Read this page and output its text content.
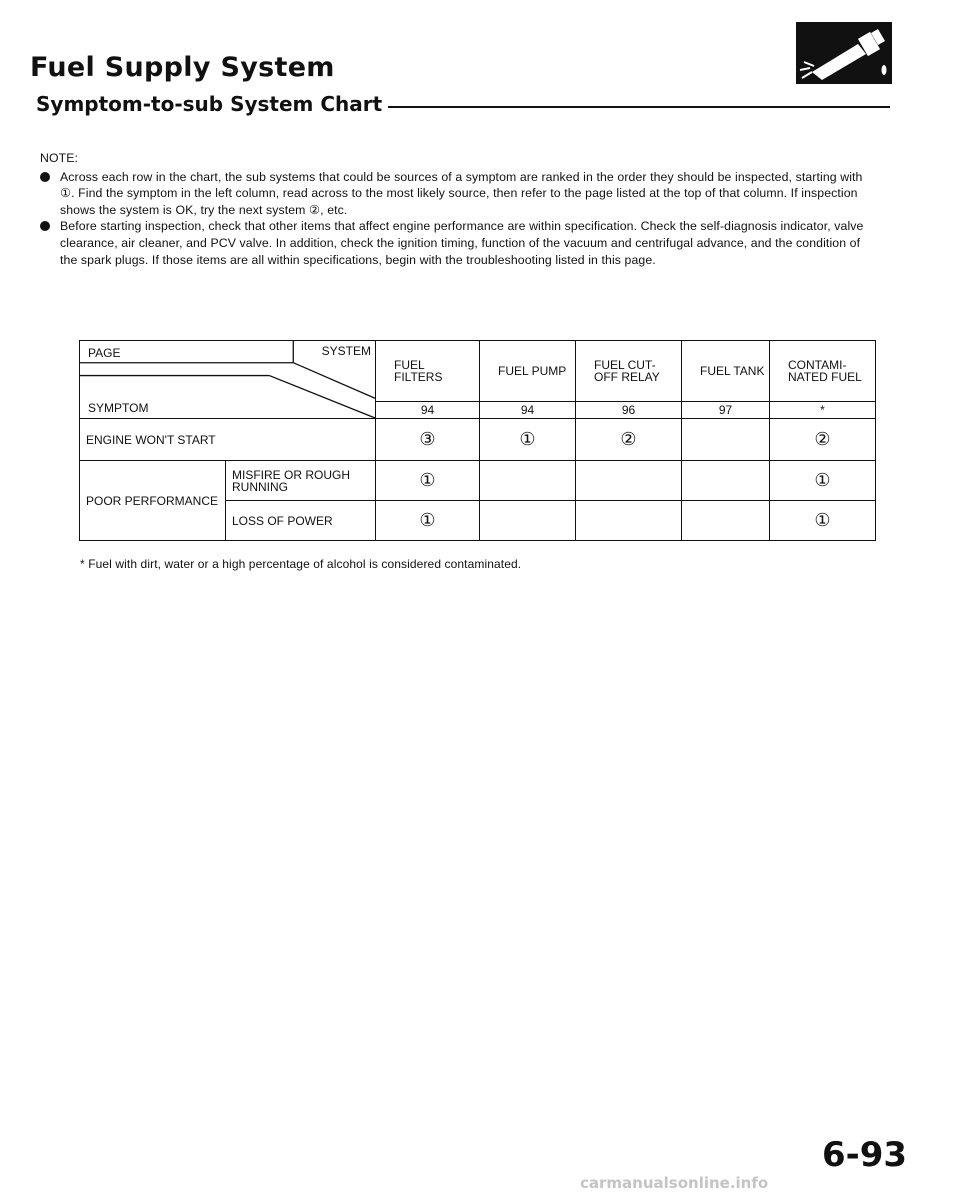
Fuel Supply System
Symptom-to-sub System Chart
NOTE:
Across each row in the chart, the sub systems that could be sources of a symptom are ranked in the order they should be inspected, starting with ①. Find the symptom in the left column, read across to the most likely source, then refer to the page listed at the top of that column. If inspection shows the system is OK, try the next system ②, etc.
Before starting inspection, check that other items that affect engine performance are within specification. Check the self-diagnosis indicator, valve clearance, air cleaner, and PCV valve. In addition, check the ignition timing, function of the vacuum and centrifugal advance, and the condition of the spark plugs. If those items are all within specifications, begin with the troubleshooting listed in this page.
PAGE SYSTEM
SYMPTOM		FUEL FILTERS	FUEL PUMP	FUEL CUT-OFF RELAY	FUEL TANK	CONTAMI-NATED FUEL
		94	94	96	97	*
ENGINE WON'T START		③	①	②		②
POOR PERFORMANCE	MISFIRE OR ROUGH RUNNING	①				①
	LOSS OF POWER	①				①
* Fuel with dirt, water or a high percentage of alcohol is considered contaminated.
6-93
carmanualsonline.info
